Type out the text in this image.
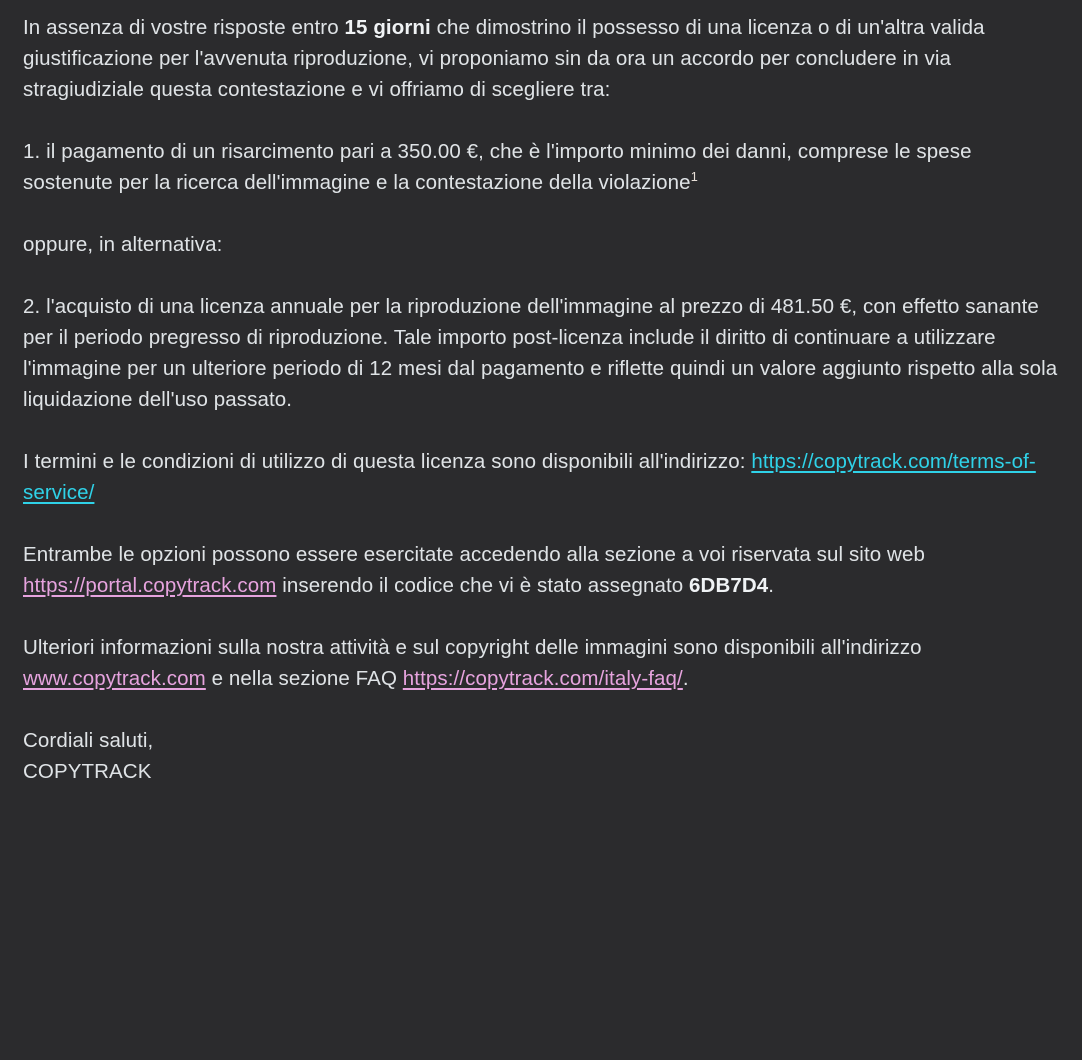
In assenza di vostre risposte entro 15 giorni che dimostrino il possesso di una licenza o di un'altra valida giustificazione per l'avvenuta riproduzione, vi proponiamo sin da ora un accordo per concludere in via stragiudiziale questa contestazione e vi offriamo di scegliere tra:

1. il pagamento di un risarcimento pari a 350.00 €, che è l'importo minimo dei danni, comprese le spese sostenute per la ricerca dell'immagine e la contestazione della violazione$^1$

oppure, in alternativa:

2. l'acquisto di una licenza annuale per la riproduzione dell'immagine al prezzo di 481.50 €, con effetto sanante per il periodo pregresso di riproduzione. Tale importo post-licenza include il diritto di continuare a utilizzare l'immagine per un ulteriore periodo di 12 mesi dal pagamento e riflette quindi un valore aggiunto rispetto alla sola liquidazione dell'uso passato.

I termini e le condizioni di utilizzo di questa licenza sono disponibili all'indirizzo: https://copytrack.com/terms-of-service/

Entrambe le opzioni possono essere esercitate accedendo alla sezione a voi riservata sul sito web https://portal.copytrack.com inserendo il codice che vi è stato assegnato 6DB7D4.

Ulteriori informazioni sulla nostra attività e sul copyright delle immagini sono disponibili all'indirizzo www.copytrack.com e nella sezione FAQ https://copytrack.com/italy-faq/.

Cordiali saluti,
COPYTRACK
